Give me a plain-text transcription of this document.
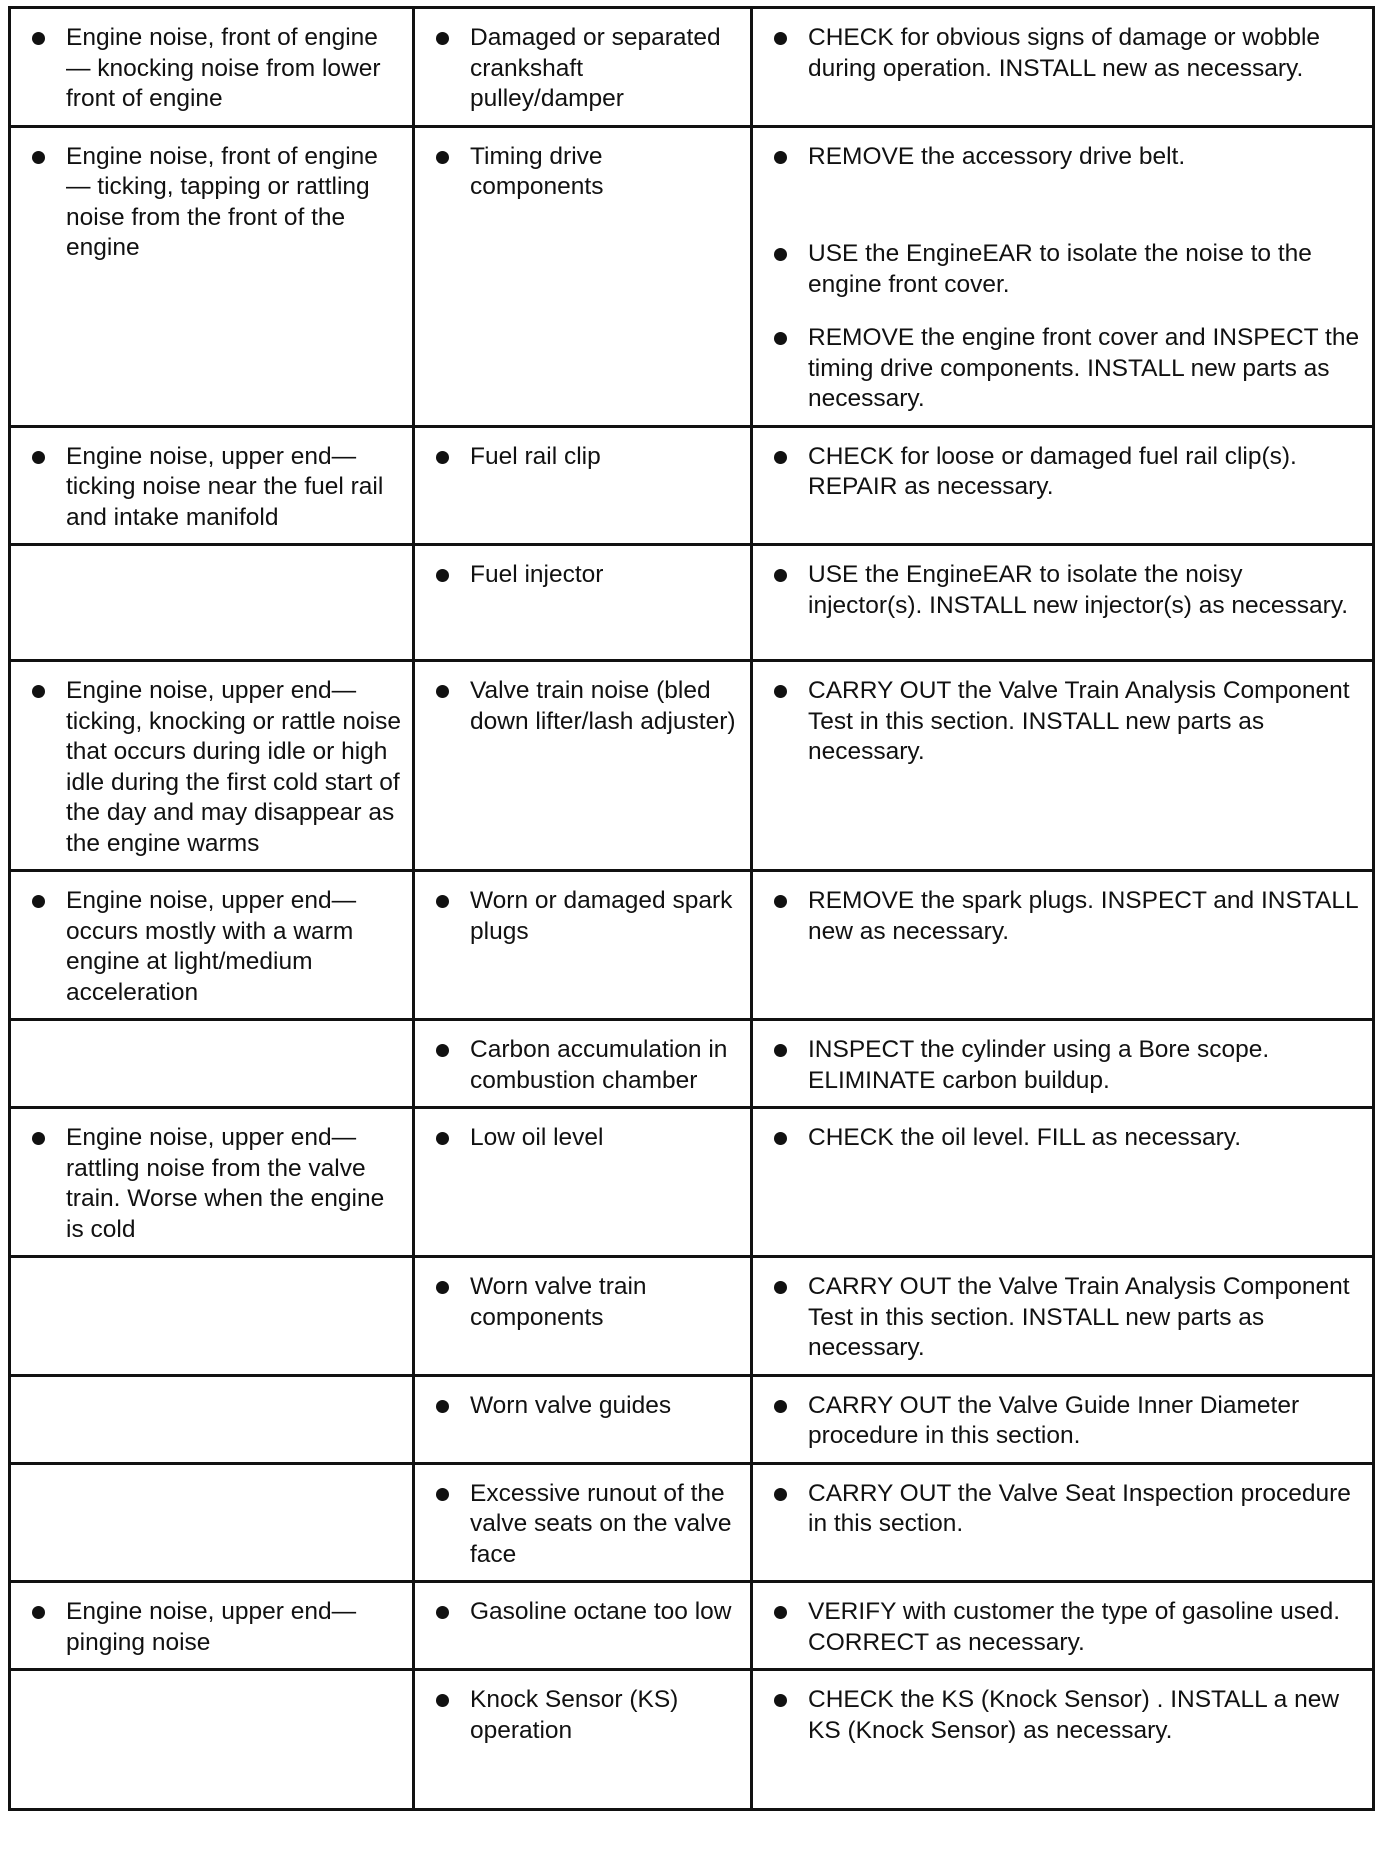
Engine noise, front of engine— knocking noise from lower front of engine	Damaged or separated crankshaft pulley/damper	CHECK for obvious signs of damage or wobble during operation. INSTALL new as necessary.

Engine noise, front of engine— ticking, tapping or rattling noise from the front of the engine	Timing drive components	REMOVE the accessory drive belt.
USE the EngineEAR to isolate the noise to the engine front cover.
REMOVE the engine front cover and INSPECT the timing drive components. INSTALL new parts as necessary.

Engine noise, upper end— ticking noise near the fuel rail and intake manifold	Fuel rail clip	CHECK for loose or damaged fuel rail clip(s). REPAIR as necessary.

	Fuel injector	USE the EngineEAR to isolate the noisy injector(s). INSTALL new injector(s) as necessary.

Engine noise, upper end— ticking, knocking or rattle noise that occurs during idle or high idle during the first cold start of the day and may disappear as the engine warms	Valve train noise (bled down lifter/lash adjuster)	CARRY OUT the Valve Train Analysis Component Test in this section. INSTALL new parts as necessary.

Engine noise, upper end— occurs mostly with a warm engine at light/medium acceleration	Worn or damaged spark plugs	REMOVE the spark plugs. INSPECT and INSTALL new as necessary.

	Carbon accumulation in combustion chamber	INSPECT the cylinder using a Bore scope. ELIMINATE carbon buildup.

Engine noise, upper end— rattling noise from the valve train. Worse when the engine is cold	Low oil level	CHECK the oil level. FILL as necessary.

	Worn valve train components	CARRY OUT the Valve Train Analysis Component Test in this section. INSTALL new parts as necessary.

	Worn valve guides	CARRY OUT the Valve Guide Inner Diameter procedure in this section.

	Excessive runout of the valve seats on the valve face	CARRY OUT the Valve Seat Inspection procedure in this section.

Engine noise, upper end— pinging noise	Gasoline octane too low	VERIFY with customer the type of gasoline used. CORRECT as necessary.

	Knock Sensor (KS) operation	CHECK the KS (Knock Sensor) . INSTALL a new KS (Knock Sensor) as necessary.
